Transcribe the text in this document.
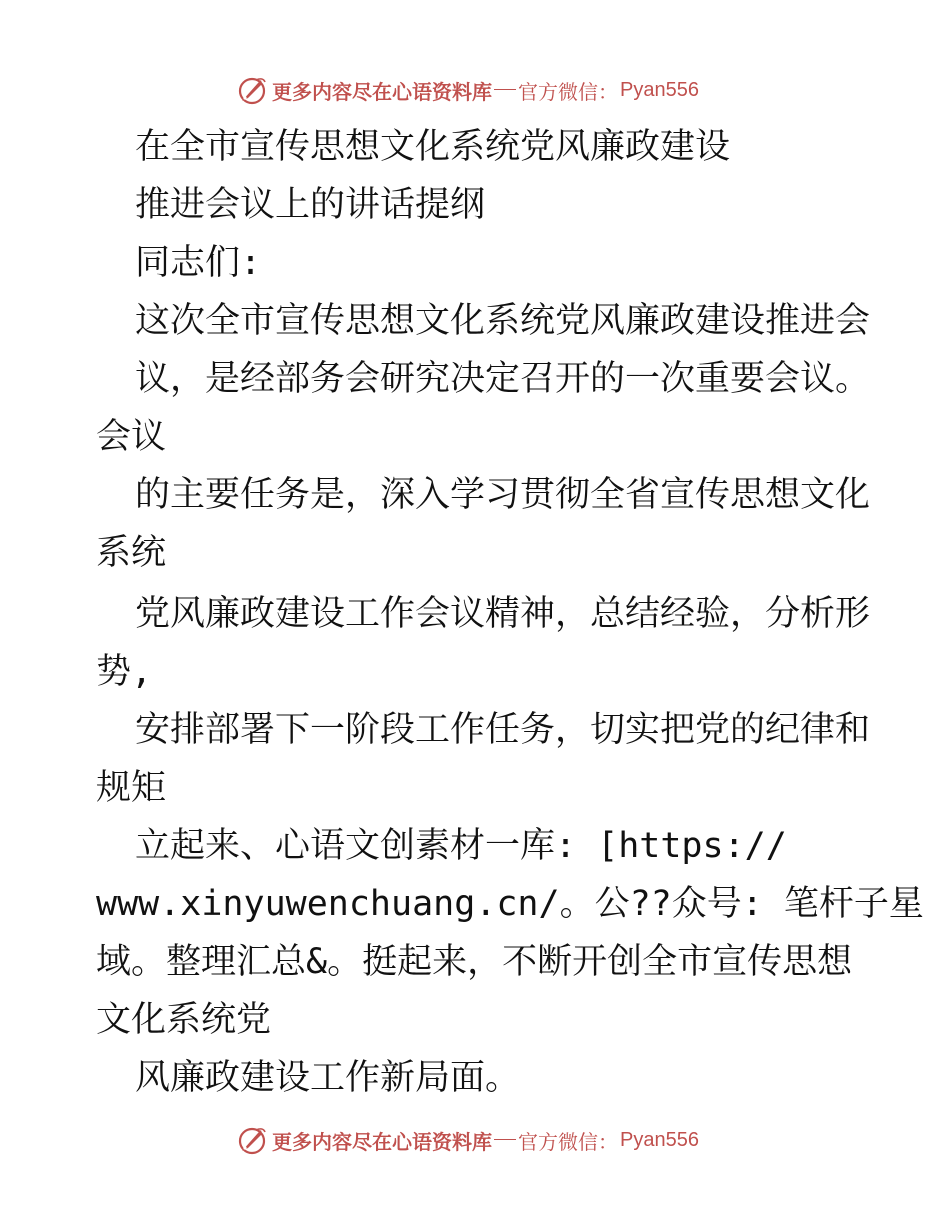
更多内容尽在心语资料库 官方微信： Pyan556
在全市宣传思想文化系统党风廉政建设
推进会议上的讲话提纲
同志们:
这次全市宣传思想文化系统党风廉政建设推进会
议，是经部务会研究决定召开的一次重要会议。
会议
的主要任务是，深入学习贯彻全省宣传思想文化
系统
党风廉政建设工作会议精神，总结经验，分析形
势,
安排部署下一阶段工作任务，切实把党的纪律和
规矩
立起来、心语文创素材一库: [https://
www.xinyuwenchuang.cn/。公??众号: 笔杆子星
域。整理汇总&。挺起来，不断开创全市宣传思想
文化系统党
风廉政建设工作新局面。
更多内容尽在心语资料库 官方微信： Pyan556
